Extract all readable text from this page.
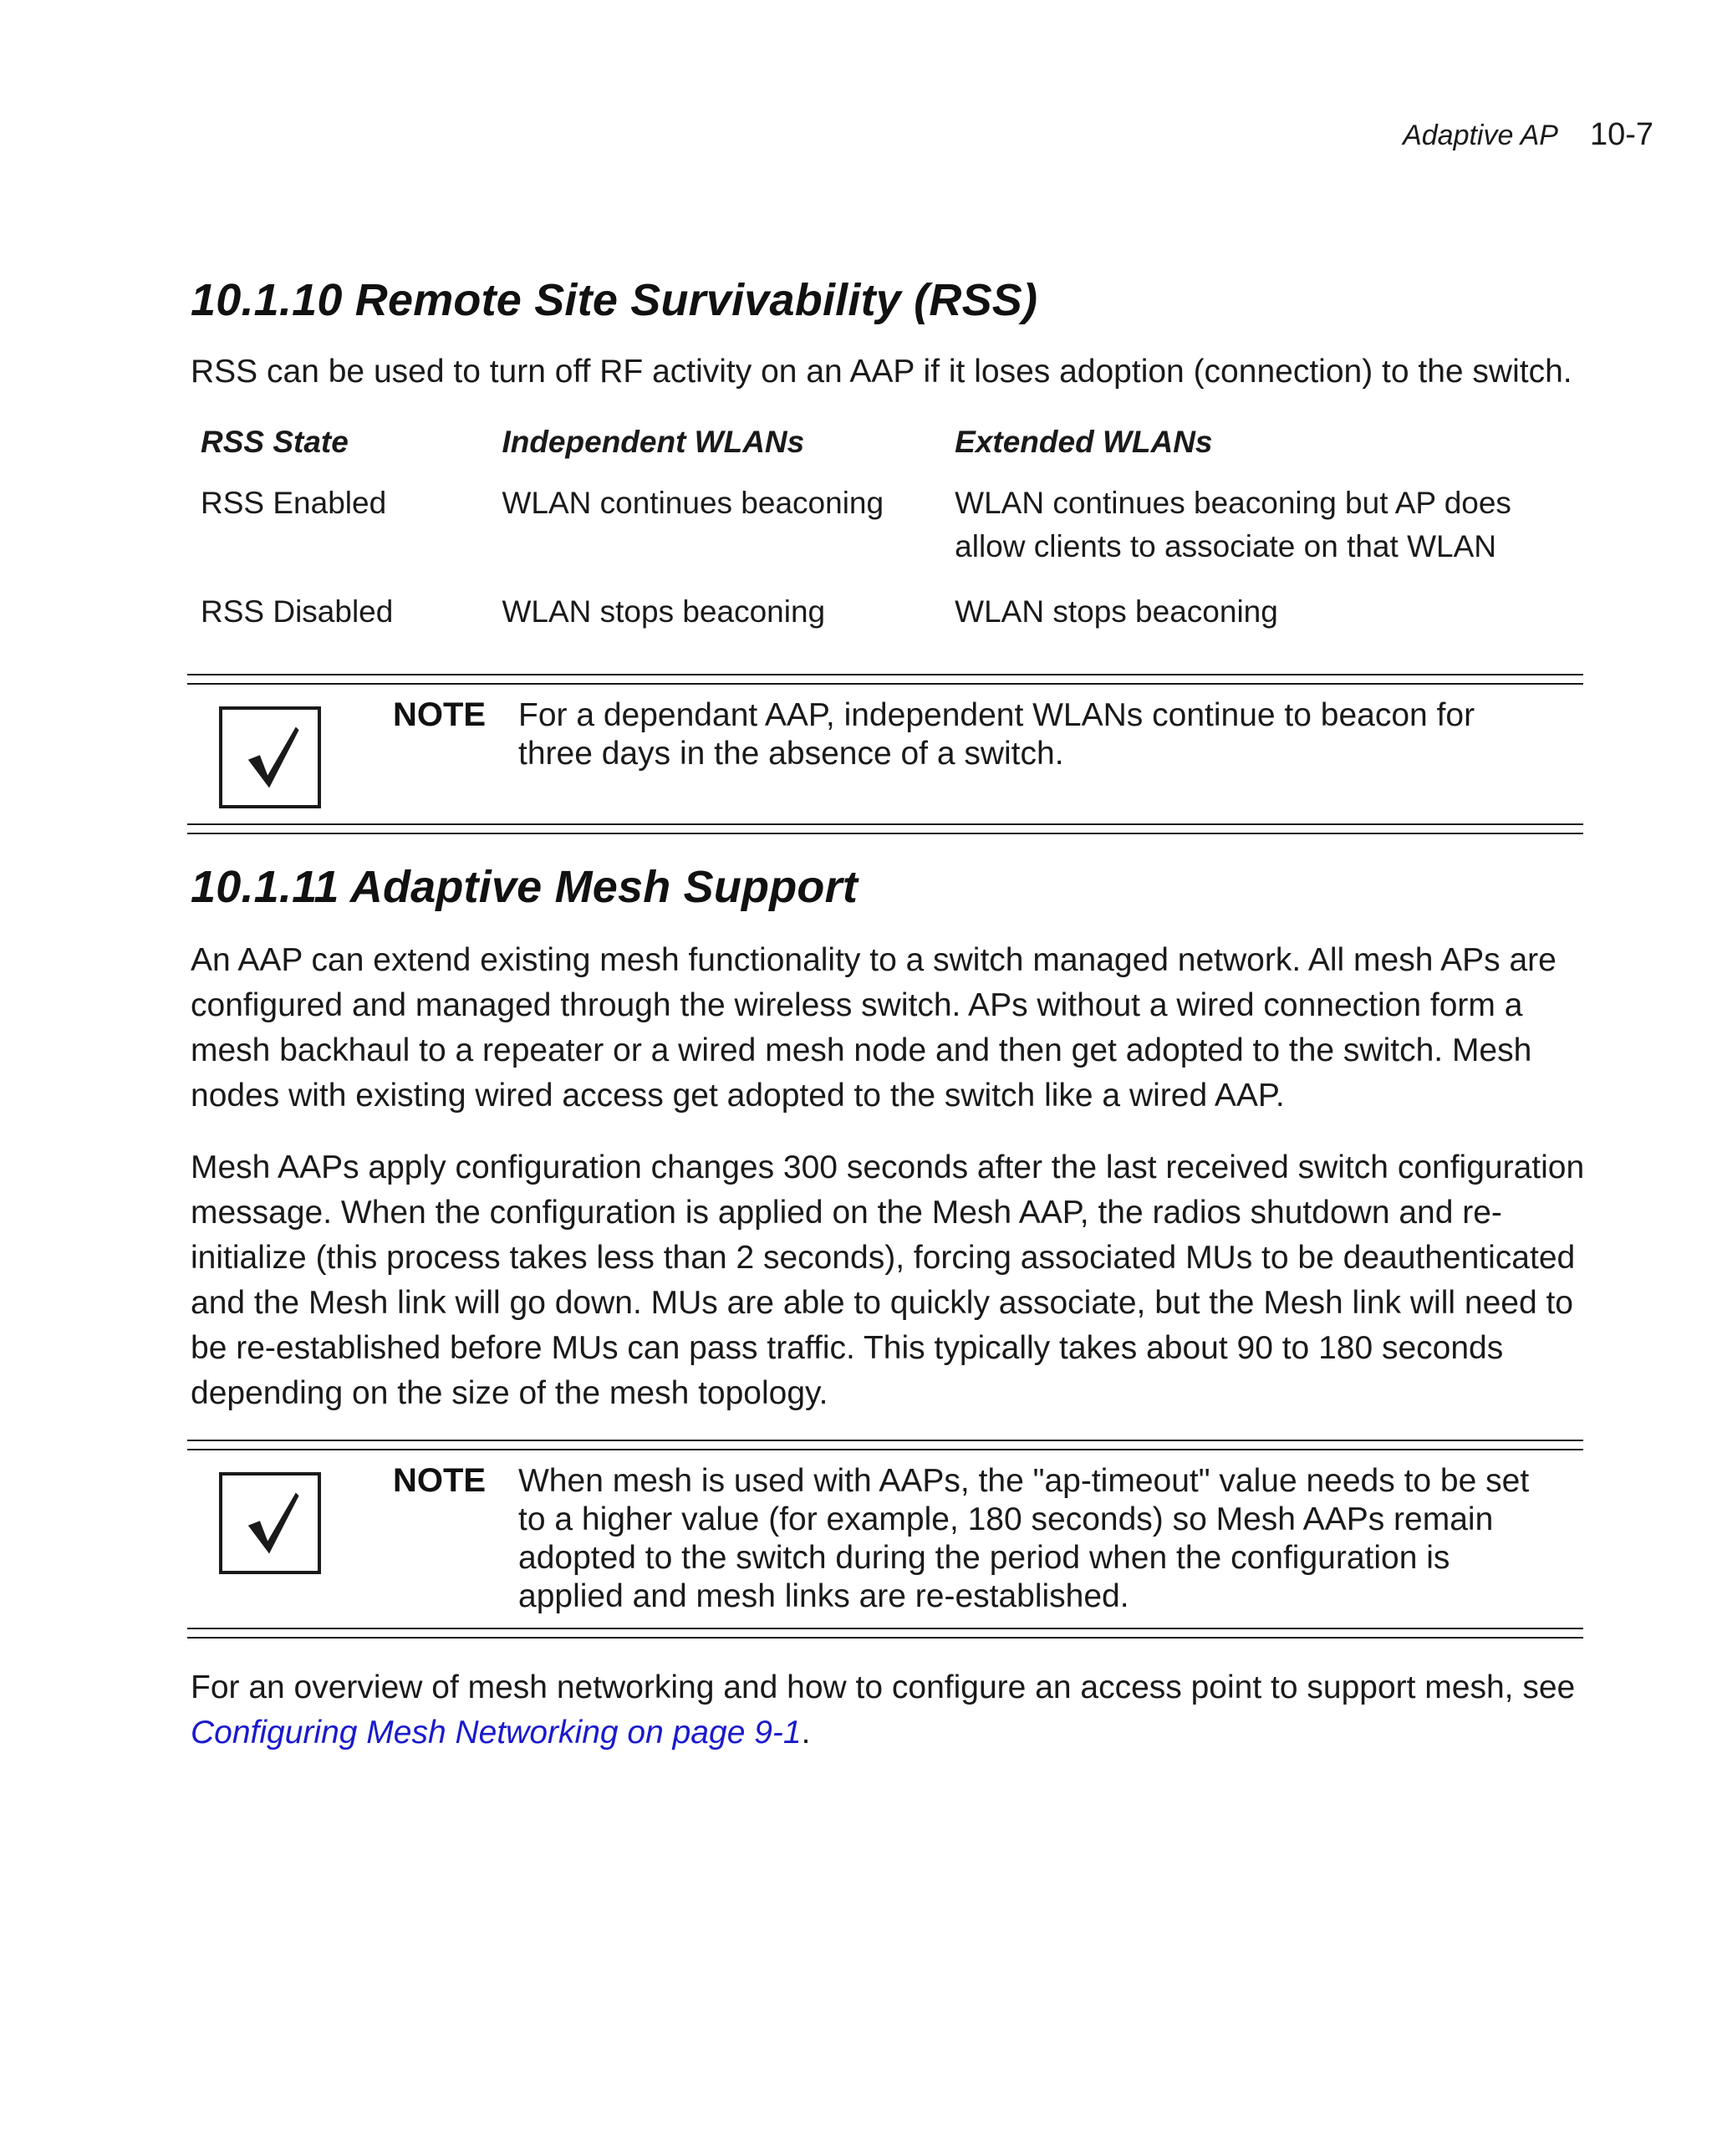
Adaptive AP 10-7
10.1.10 Remote Site Survivability (RSS)

RSS can be used to turn off RF activity on an AAP if it loses adoption (connection) to the switch.

RSS State	Independent WLANs	Extended WLANs
RSS Enabled	WLAN continues beaconing	WLAN continues beaconing but AP does allow clients to associate on that WLAN
RSS Disabled	WLAN stops beaconing	WLAN stops beaconing
NOTE For a dependant AAP, independent WLANs continue to beacon for three days in the absence of a switch.
10.1.11 Adaptive Mesh Support

An AAP can extend existing mesh functionality to a switch managed network. All mesh APs are configured and managed through the wireless switch. APs without a wired connection form a mesh backhaul to a repeater or a wired mesh node and then get adopted to the switch. Mesh nodes with existing wired access get adopted to the switch like a wired AAP.

Mesh AAPs apply configuration changes 300 seconds after the last received switch configuration message. When the configuration is applied on the Mesh AAP, the radios shutdown and re-initialize (this process takes less than 2 seconds), forcing associated MUs to be deauthenticated and the Mesh link will go down. MUs are able to quickly associate, but the Mesh link will need to be re-established before MUs can pass traffic. This typically takes about 90 to 180 seconds depending on the size of the mesh topology.

NOTE When mesh is used with AAPs, the "ap-timeout" value needs to be set to a higher value (for example, 180 seconds) so Mesh AAPs remain adopted to the switch during the period when the configuration is applied and mesh links are re-established.

For an overview of mesh networking and how to configure an access point to support mesh, see
Configuring Mesh Networking on page 9-1.
